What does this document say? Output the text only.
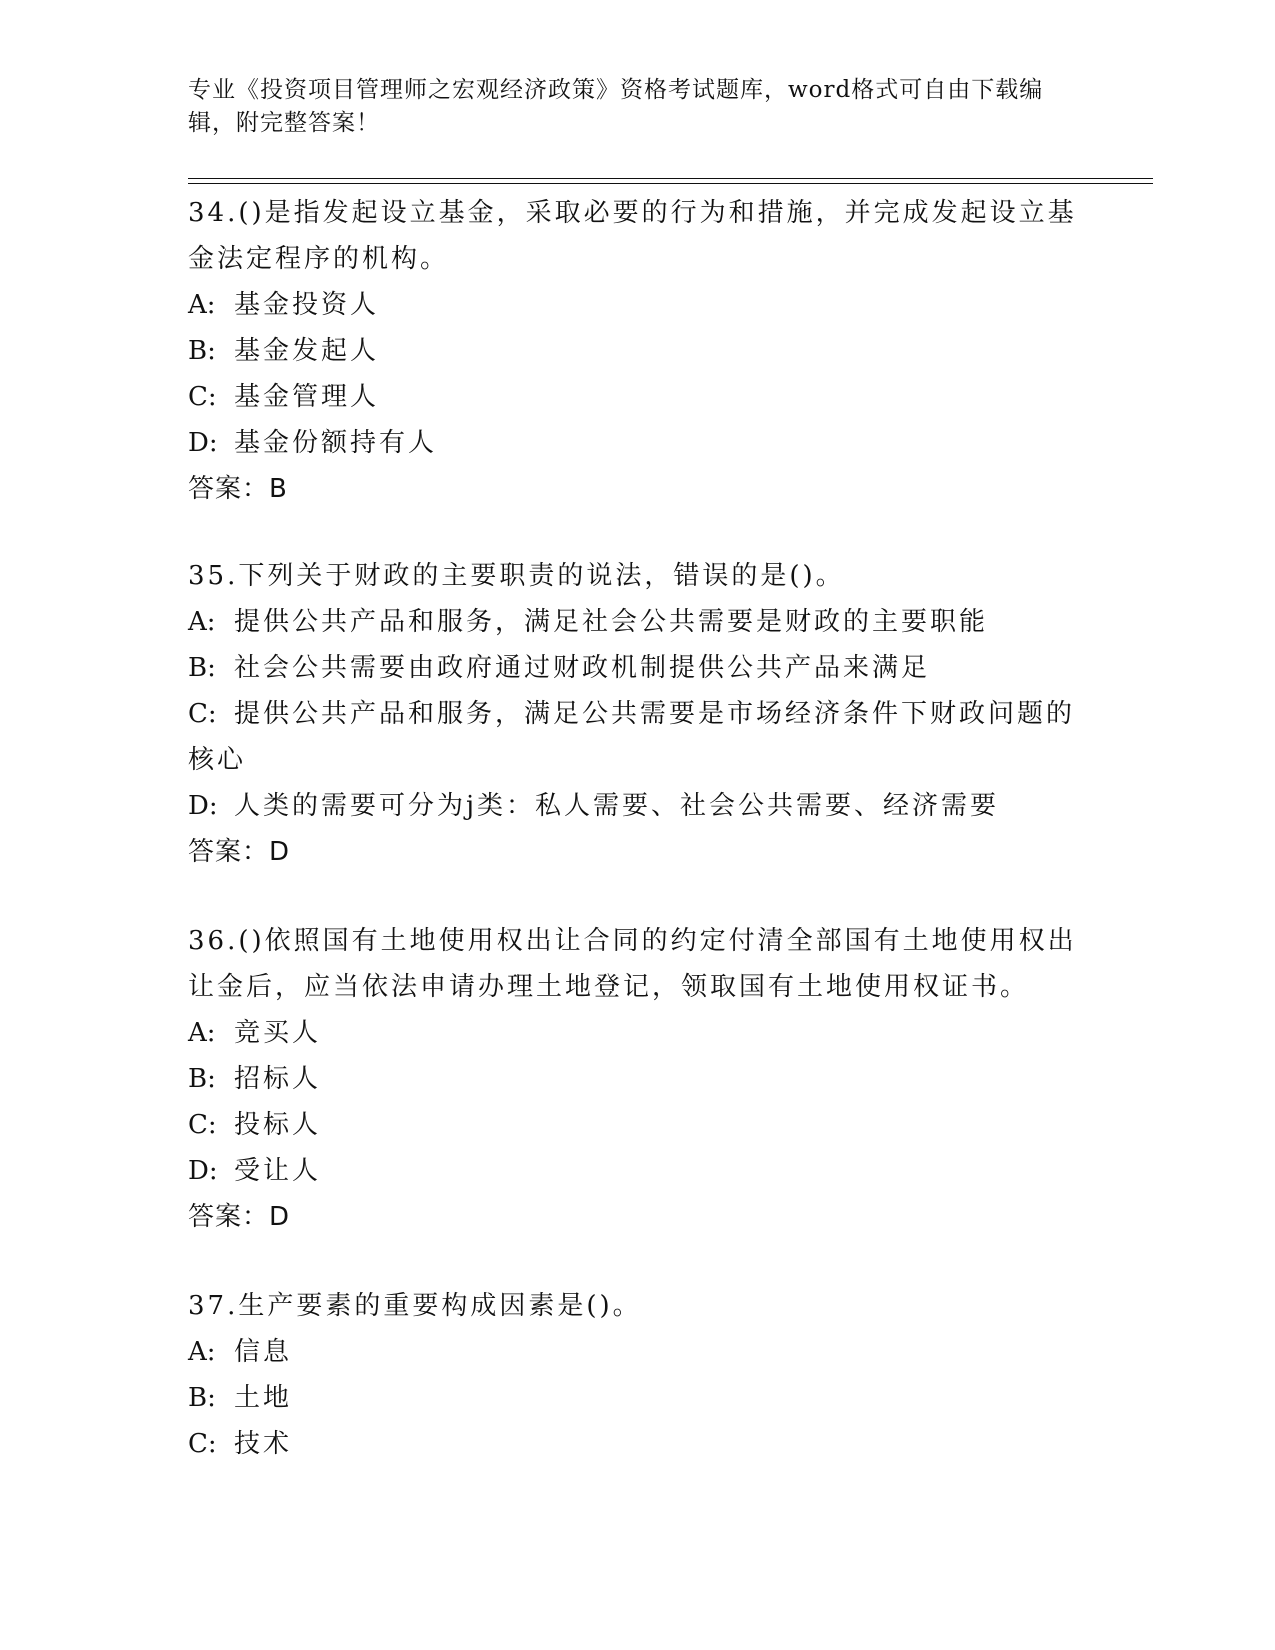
专业《投资项目管理师之宏观经济政策》资格考试题库，word格式可自由下载编辑，附完整答案！

34.()是指发起设立基金，采取必要的行为和措施，并完成发起设立基金法定程序的机构。

A: 基金投资人

B: 基金发起人

C: 基金管理人

D: 基金份额持有人

答案：B

35.下列关于财政的主要职责的说法，错误的是()。

A: 提供公共产品和服务，满足社会公共需要是财政的主要职能

B: 社会公共需要由政府通过财政机制提供公共产品来满足

C: 提供公共产品和服务，满足公共需要是市场经济条件下财政问题的核心

D: 人类的需要可分为j类：私人需要、社会公共需要、经济需要

答案：D

36.()依照国有土地使用权出让合同的约定付清全部国有土地使用权出让金后，应当依法申请办理土地登记，领取国有土地使用权证书。

A: 竞买人

B: 招标人

C: 投标人

D: 受让人

答案：D

37.生产要素的重要构成因素是()。

A: 信息

B: 土地

C: 技术
